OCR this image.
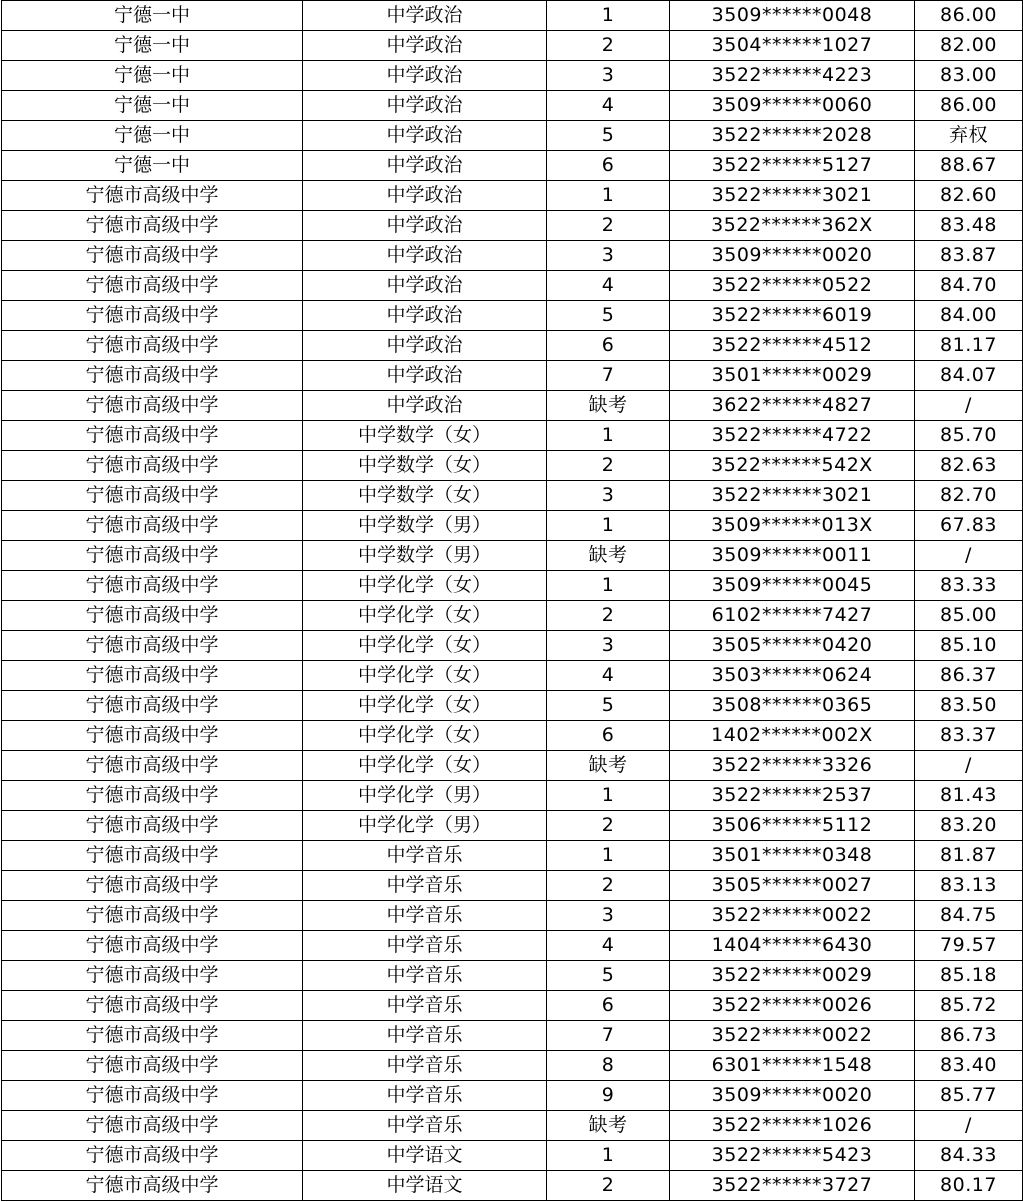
宁德一中	中学政治	1	3509******0048	86.00
宁德一中	中学政治	2	3504******1027	82.00
宁德一中	中学政治	3	3522******4223	83.00
宁德一中	中学政治	4	3509******0060	86.00
宁德一中	中学政治	5	3522******2028	弃权
宁德一中	中学政治	6	3522******5127	88.67
宁德市高级中学	中学政治	1	3522******3021	82.60
宁德市高级中学	中学政治	2	3522******362X	83.48
宁德市高级中学	中学政治	3	3509******0020	83.87
宁德市高级中学	中学政治	4	3522******0522	84.70
宁德市高级中学	中学政治	5	3522******6019	84.00
宁德市高级中学	中学政治	6	3522******4512	81.17
宁德市高级中学	中学政治	7	3501******0029	84.07
宁德市高级中学	中学政治	缺考	3622******4827	/
宁德市高级中学	中学数学（女）	1	3522******4722	85.70
宁德市高级中学	中学数学（女）	2	3522******542X	82.63
宁德市高级中学	中学数学（女）	3	3522******3021	82.70
宁德市高级中学	中学数学（男）	1	3509******013X	67.83
宁德市高级中学	中学数学（男）	缺考	3509******0011	/
宁德市高级中学	中学化学（女）	1	3509******0045	83.33
宁德市高级中学	中学化学（女）	2	6102******7427	85.00
宁德市高级中学	中学化学（女）	3	3505******0420	85.10
宁德市高级中学	中学化学（女）	4	3503******0624	86.37
宁德市高级中学	中学化学（女）	5	3508******0365	83.50
宁德市高级中学	中学化学（女）	6	1402******002X	83.37
宁德市高级中学	中学化学（女）	缺考	3522******3326	/
宁德市高级中学	中学化学（男）	1	3522******2537	81.43
宁德市高级中学	中学化学（男）	2	3506******5112	83.20
宁德市高级中学	中学音乐	1	3501******0348	81.87
宁德市高级中学	中学音乐	2	3505******0027	83.13
宁德市高级中学	中学音乐	3	3522******0022	84.75
宁德市高级中学	中学音乐	4	1404******6430	79.57
宁德市高级中学	中学音乐	5	3522******0029	85.18
宁德市高级中学	中学音乐	6	3522******0026	85.72
宁德市高级中学	中学音乐	7	3522******0022	86.73
宁德市高级中学	中学音乐	8	6301******1548	83.40
宁德市高级中学	中学音乐	9	3509******0020	85.77
宁德市高级中学	中学音乐	缺考	3522******1026	/
宁德市高级中学	中学语文	1	3522******5423	84.33
宁德市高级中学	中学语文	2	3522******3727	80.17
